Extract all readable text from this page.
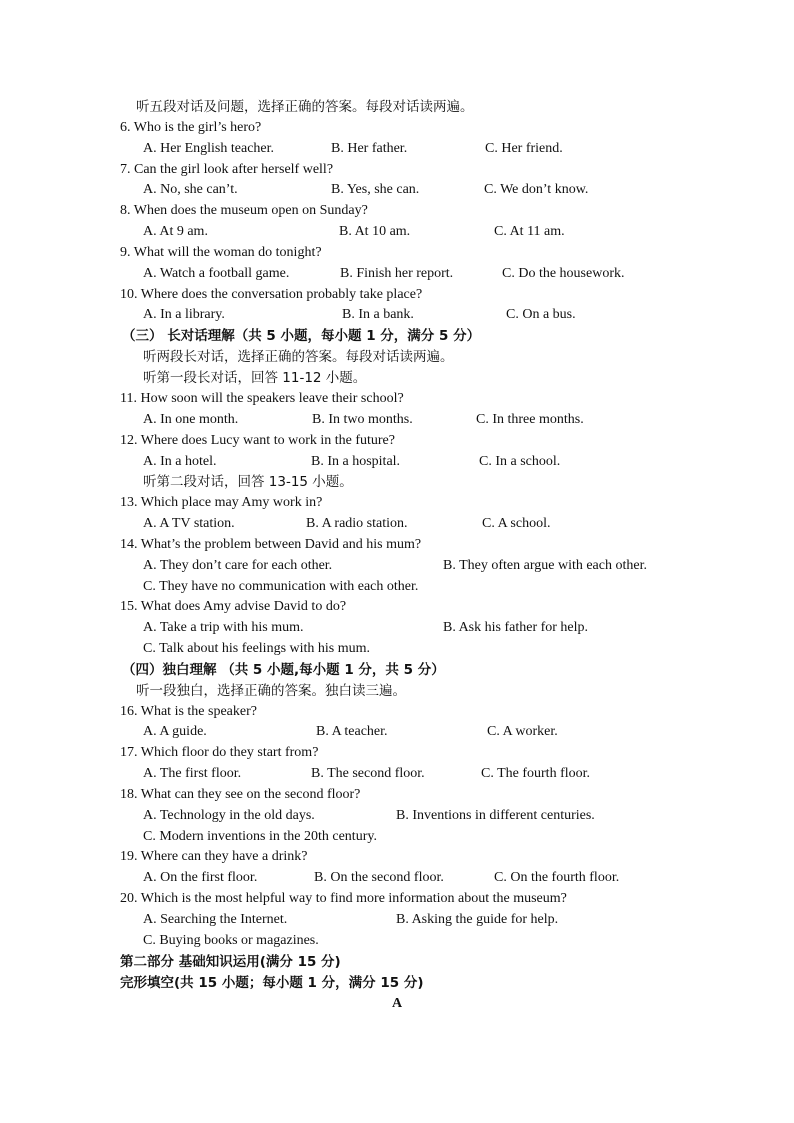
听五段对话及问题，选择正确的答案。每段对话读两遍。
6. Who is the girl’s hero?
A. Her English teacher.	B. Her father.	C. Her friend.
7. Can the girl look after herself well?
A. No, she can’t.	B. Yes, she can.	C. We don’t know.
8. When does the museum open on Sunday?
A. At 9 am.	B. At 10 am.	C. At 11 am.
9. What will the woman do tonight?
A. Watch a football game.	B. Finish her report.	C. Do the housework.
10. Where does the conversation probably take place?
A. In a library.	B. In a bank.	C. On a bus.
（三） 长对话理解（共 5 小题，每小题 1 分，满分 5 分）
听两段长对话，选择正确的答案。每段对话读两遍。
听第一段长对话，回答 11-12 小题。
11. How soon will the speakers leave their school?
A. In one month.	B. In two months.	C. In three months.
12. Where does Lucy want to work in the future?
A. In a hotel.	B. In a hospital.	C. In a school.
听第二段对话，回答 13-15 小题。
13. Which place may Amy work in?
A. A TV station.	B. A radio station.	C. A school.
14. What’s the problem between David and his mum?
A. They don’t care for each other.	B. They often argue with each other.
C. They have no communication with each other.
15. What does Amy advise David to do?
A. Take a trip with his mum.	B. Ask his father for help.
C. Talk about his feelings with his mum.
（四）独白理解 （共 5 小题,每小题 1 分，共 5 分）
听一段独白，选择正确的答案。独白读三遍。
16. What is the speaker?
A. A guide.	B. A teacher.	C. A worker.
17. Which floor do they start from?
A. The first floor.	B. The second floor.	C. The fourth floor.
18. What can they see on the second floor?
A. Technology in the old days.	B. Inventions in different centuries.
C. Modern inventions in the 20th century.
19. Where can they have a drink?
A. On the first floor.	B. On the second floor.	C. On the fourth floor.
20. Which is the most helpful way to find more information about the museum?
A. Searching the Internet.	B. Asking the guide for help.
C. Buying books or magazines.
第二部分 基础知识运用(满分 15 分)
完形填空(共 15 小题；每小题 1 分，满分 15 分)
A
